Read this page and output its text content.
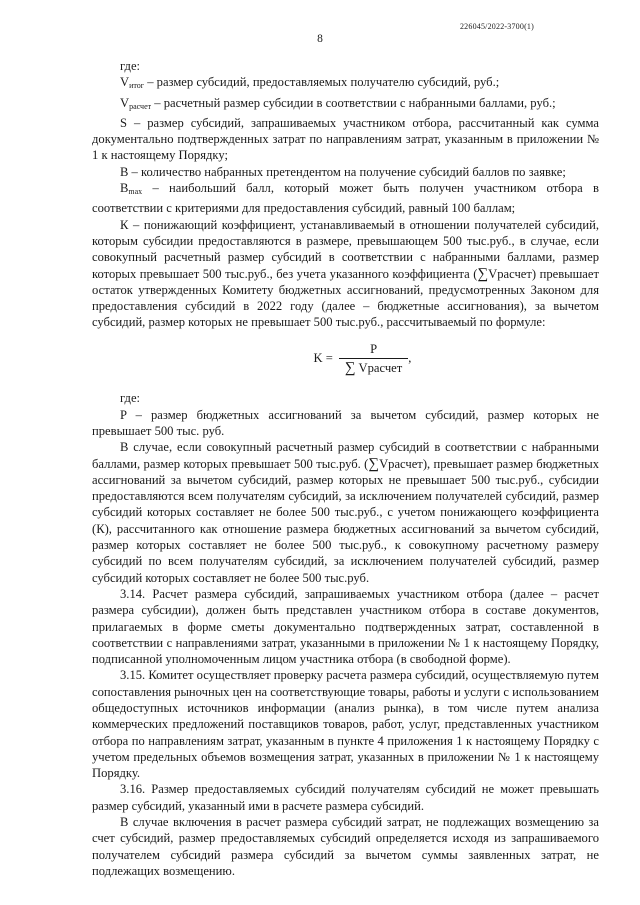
226045/2022-3700(1)
8

где:

$V_{итог}$ – размер субсидий, предоставляемых получателю субсидий, руб.;

$V_{расчет}$ – расчетный размер субсидии в соответствии с набранными баллами, руб.;

S – размер субсидий, запрашиваемых участником отбора, рассчитанный как сумма документально подтвержденных затрат по направлениям затрат, указанным в приложении № 1 к настоящему Порядку;

В – количество набранных претендентом на получение субсидий баллов по заявке;

$B_{max}$ – наибольший балл, который может быть получен участником отбора в соответствии с критериями для предоставления субсидий, равный 100 баллам;

К – понижающий коэффициент, устанавливаемый в отношении получателей субсидий, которым субсидии предоставляются в размере, превышающем 500 тыс.руб., в случае, если совокупный расчетный размер субсидий в соответствии с набранными баллами, размер которых превышает 500 тыс.руб., без учета указанного коэффициента (∑Vрасчет) превышает остаток утвержденных Комитету бюджетных ассигнований, предусмотренных Законом для предоставления субсидий в 2022 году (далее – бюджетные ассигнования), за вычетом субсидий, размер которых не превышает 500 тыс.руб., рассчитываемый по формуле:

$K = \frac{P}{\text{∑ Vрасчет}}$ ,

где:

P – размер бюджетных ассигнований за вычетом субсидий, размер которых не превышает 500 тыс. руб.

В случае, если совокупный расчетный размер субсидий в соответствии с набранными баллами, размер которых превышает 500 тыс.руб. (∑Vрасчет), превышает размер бюджетных ассигнований за вычетом субсидий, размер которых не превышает 500 тыс.руб., субсидии предоставляются всем получателям субсидий, за исключением получателей субсидий, размер субсидий которых составляет не более 500 тыс.руб., с учетом понижающего коэффициента (К), рассчитанного как отношение размера бюджетных ассигнований за вычетом субсидий, размер которых составляет не более 500 тыс.руб., к совокупному расчетному размеру субсидий по всем получателям субсидий, за исключением получателей субсидий, размер субсидий которых составляет не более 500 тыс.руб.

3.14. Расчет размера субсидий, запрашиваемых участником отбора (далее – расчет размера субсидии), должен быть представлен участником отбора в составе документов, прилагаемых в форме сметы документально подтвержденных затрат, составленной в соответствии с направлениями затрат, указанными в приложении № 1 к настоящему Порядку, подписанной уполномоченным лицом участника отбора (в свободной форме).

3.15. Комитет осуществляет проверку расчета размера субсидий, осуществляемую путем сопоставления рыночных цен на соответствующие товары, работы и услуги с использованием общедоступных источников информации (анализ рынка), в том числе путем анализа коммерческих предложений поставщиков товаров, работ, услуг, представленных участником отбора по направлениям затрат, указанным в пункте 4 приложения 1 к настоящему Порядку с учетом предельных объемов возмещения затрат, указанных в приложении № 1 к настоящему Порядку.

3.16. Размер предоставляемых субсидий получателям субсидий не может превышать размер субсидий, указанный ими в расчете размера субсидий.

В случае включения в расчет размера субсидий затрат, не подлежащих возмещению за счет субсидий, размер предоставляемых субсидий определяется исходя из запрашиваемого получателем субсидий размера субсидий за вычетом суммы заявленных затрат, не подлежащих возмещению.
